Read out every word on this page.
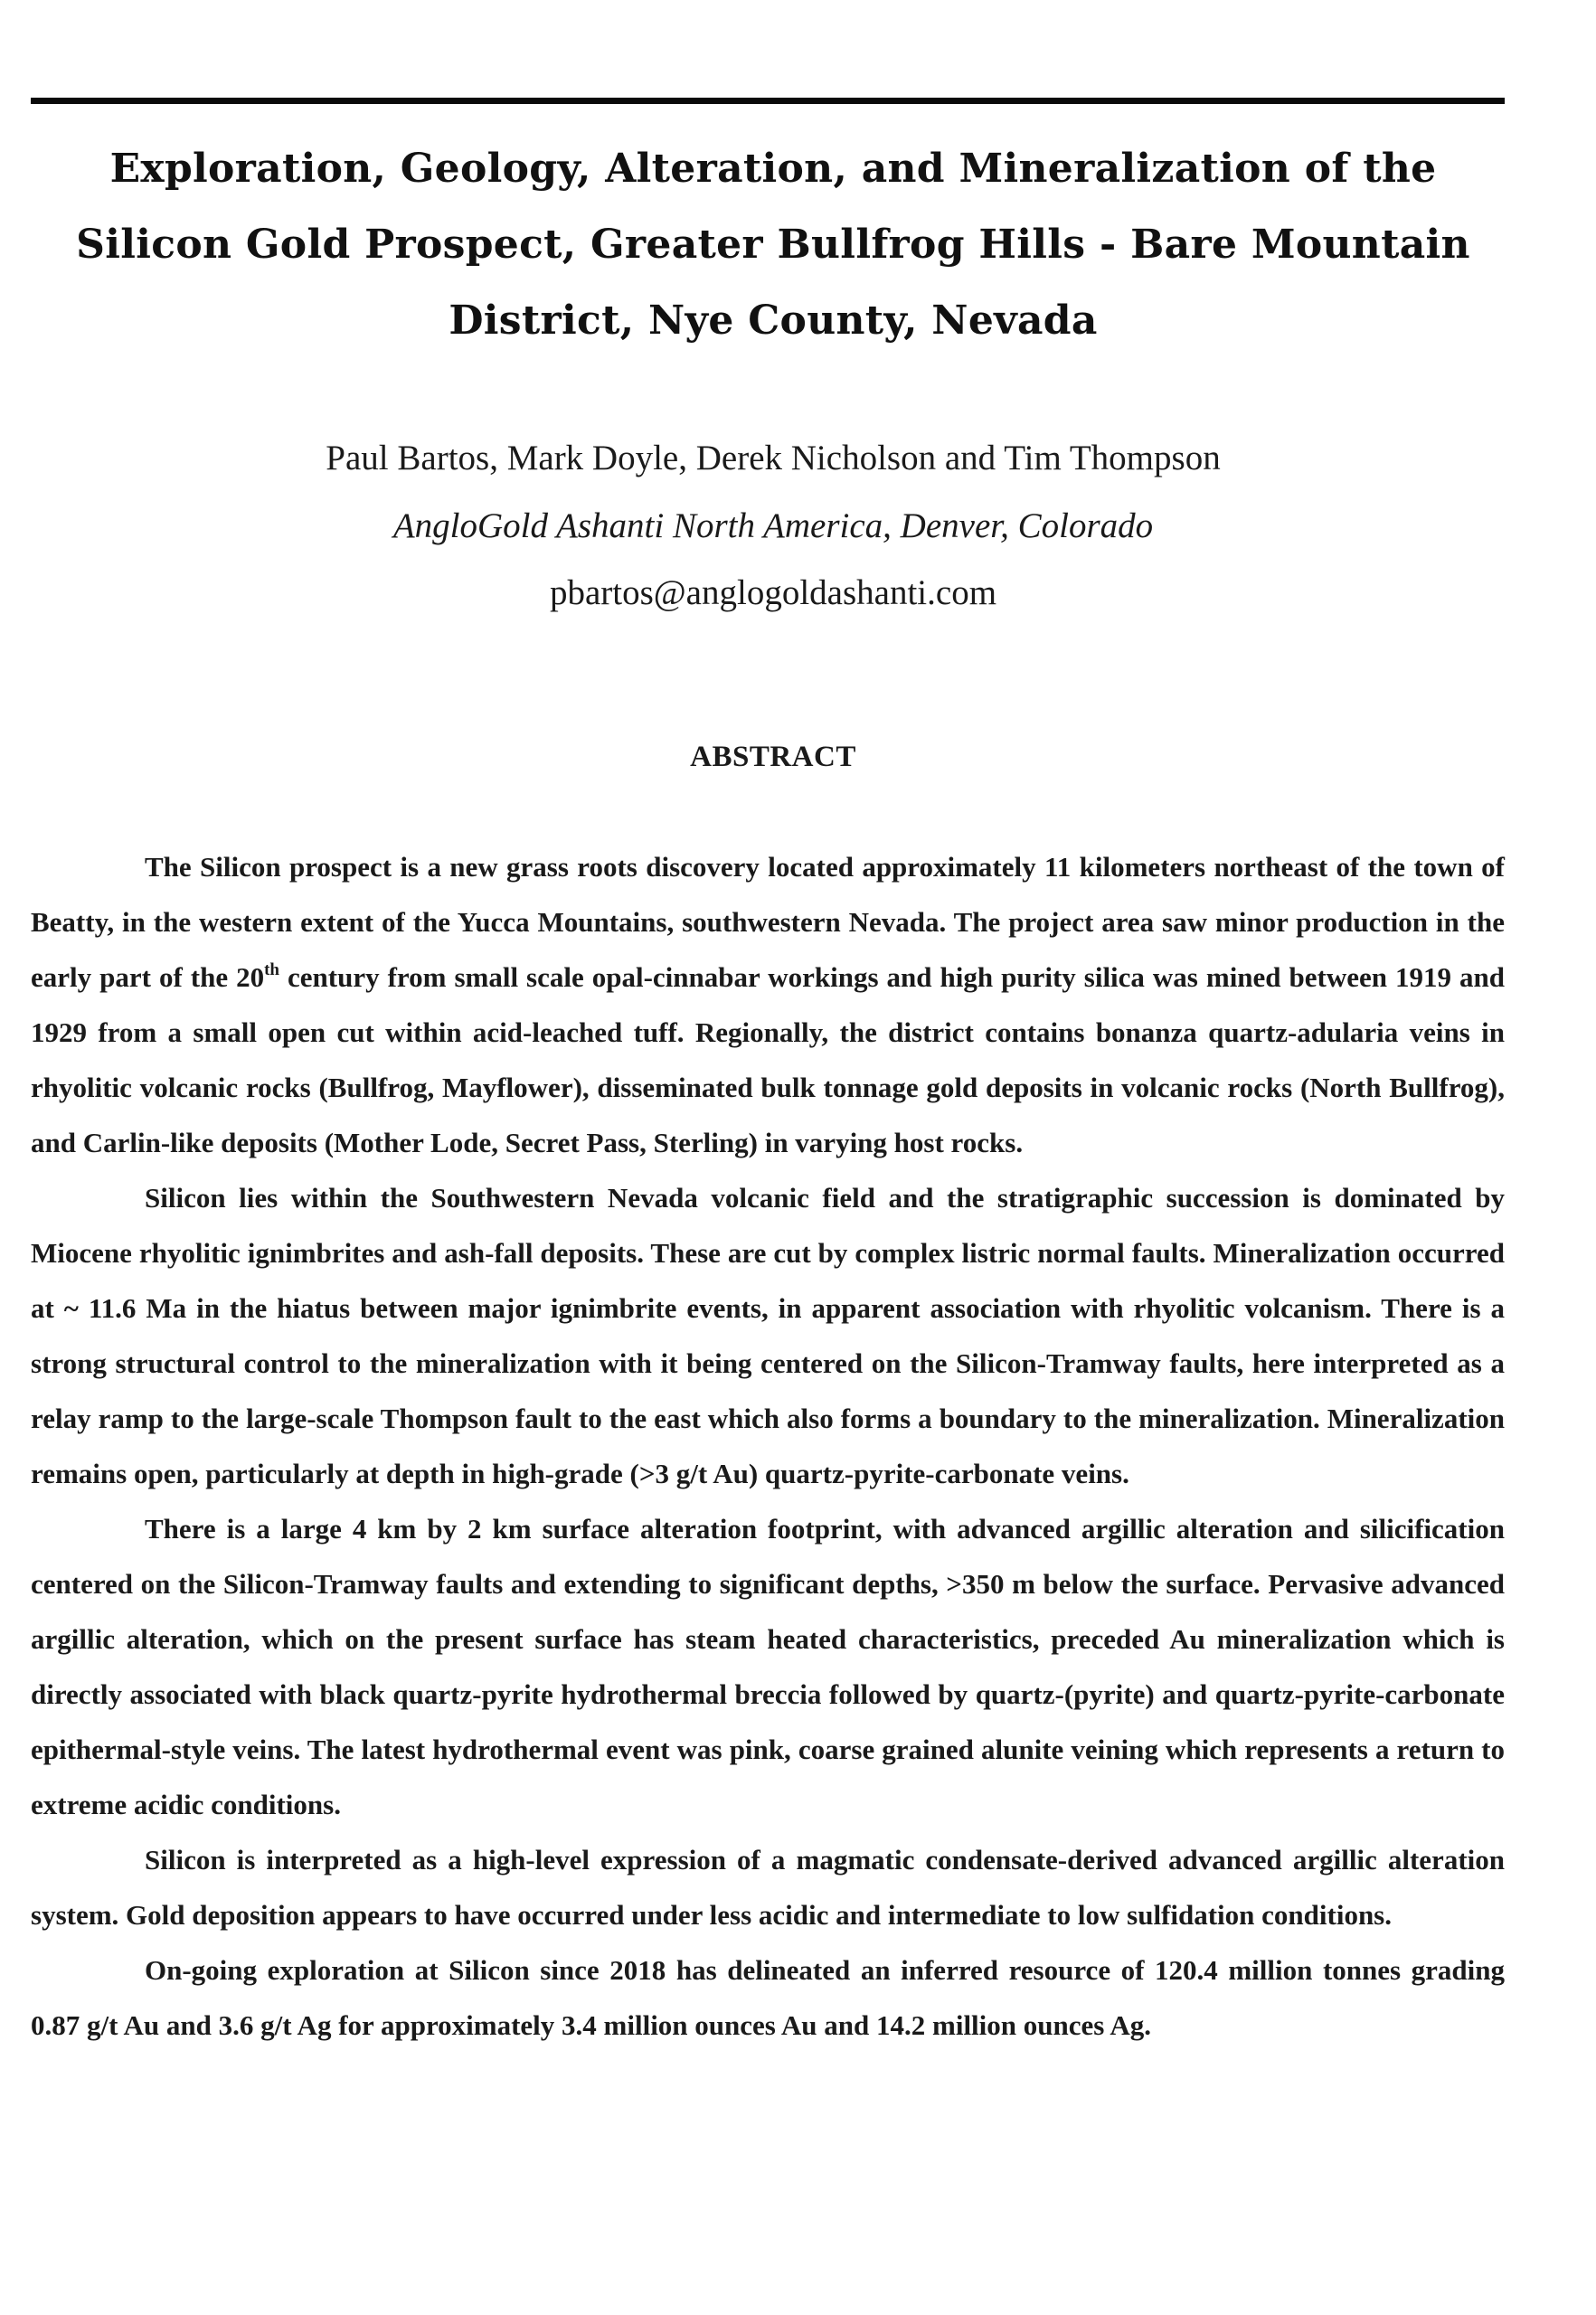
Exploration, Geology, Alteration, and Mineralization of the Silicon Gold Prospect, Greater Bullfrog Hills - Bare Mountain District, Nye County, Nevada
Paul Bartos, Mark Doyle, Derek Nicholson and Tim Thompson
AngloGold Ashanti North America, Denver, Colorado
pbartos@anglogoldashanti.com
ABSTRACT

The Silicon prospect is a new grass roots discovery located approximately 11 kilometers northeast of the town of Beatty, in the western extent of the Yucca Mountains, southwestern Nevada. The project area saw minor production in the early part of the 20th century from small scale opal-cinnabar workings and high purity silica was mined between 1919 and 1929 from a small open cut within acid-leached tuff. Regionally, the district contains bonanza quartz-adularia veins in rhyolitic volcanic rocks (Bullfrog, Mayflower), disseminated bulk tonnage gold deposits in volcanic rocks (North Bullfrog), and Carlin-like deposits (Mother Lode, Secret Pass, Sterling) in varying host rocks.

Silicon lies within the Southwestern Nevada volcanic field and the stratigraphic succession is dominated by Miocene rhyolitic ignimbrites and ash-fall deposits. These are cut by complex listric normal faults. Mineralization occurred at ~ 11.6 Ma in the hiatus between major ignimbrite events, in apparent association with rhyolitic volcanism. There is a strong structural control to the mineralization with it being centered on the Silicon-Tramway faults, here interpreted as a relay ramp to the large-scale Thompson fault to the east which also forms a boundary to the mineralization. Mineralization remains open, particularly at depth in high-grade (>3 g/t Au) quartz-pyrite-carbonate veins.

There is a large 4 km by 2 km surface alteration footprint, with advanced argillic alteration and silicification centered on the Silicon-Tramway faults and extending to significant depths, >350 m below the surface. Pervasive advanced argillic alteration, which on the present surface has steam heated characteristics, preceded Au mineralization which is directly associated with black quartz-pyrite hydrothermal breccia followed by quartz-(pyrite) and quartz-pyrite-carbonate epithermal-style veins. The latest hydrothermal event was pink, coarse grained alunite veining which represents a return to extreme acidic conditions.

Silicon is interpreted as a high-level expression of a magmatic condensate-derived advanced argillic alteration system. Gold deposition appears to have occurred under less acidic and intermediate to low sulfidation conditions.

On-going exploration at Silicon since 2018 has delineated an inferred resource of 120.4 million tonnes grading 0.87 g/t Au and 3.6 g/t Ag for approximately 3.4 million ounces Au and 14.2 million ounces Ag.
